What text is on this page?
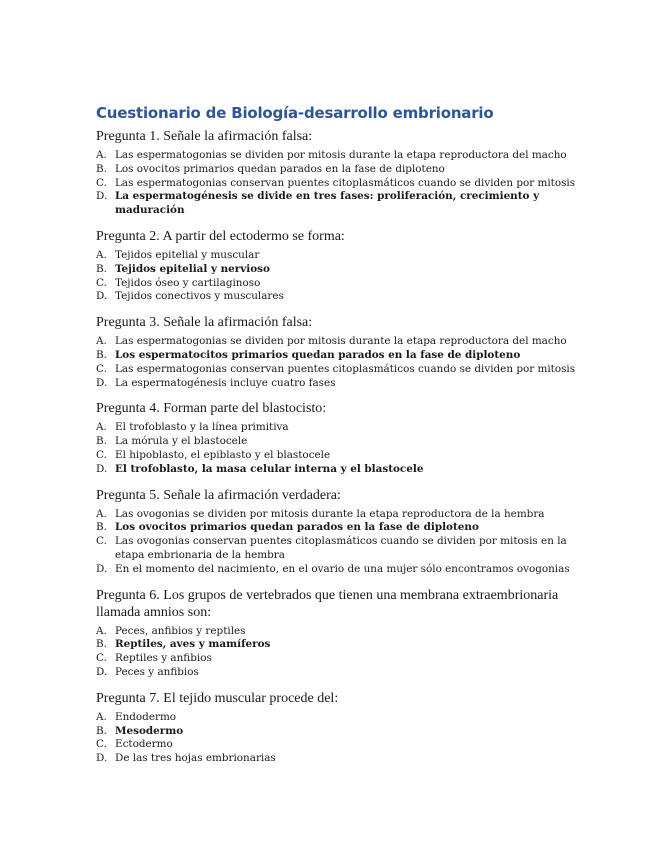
Cuestionario de Biología-desarrollo embrionario
Pregunta 1. Señale la afirmación falsa:
A. Las espermatogonias se dividen por mitosis durante la etapa reproductora del macho
B. Los ovocitos primarios quedan parados en la fase de diploteno
C. Las espermatogonias conservan puentes citoplasmáticos cuando se dividen por mitosis
D. La espermatogénesis se divide en tres fases: proliferación, crecimiento y maduración
Pregunta 2. A partir del ectodermo se forma:
A. Tejidos epitelial y muscular
B. Tejidos epitelial y nervioso
C. Tejidos óseo y cartilaginoso
D. Tejidos conectivos y musculares
Pregunta 3. Señale la afirmación falsa:
A. Las espermatogonias se dividen por mitosis durante la etapa reproductora del macho
B. Los espermatocitos primarios quedan parados en la fase de diploteno
C. Las espermatogonias conservan puentes citoplasmáticos cuando se dividen por mitosis
D. La espermatogénesis incluye cuatro fases
Pregunta 4. Forman parte del blastocisto:
A. El trofoblasto y la línea primitiva
B. La mórula y el blastocele
C. El hipoblasto, el epiblasto y el blastocele
D. El trofoblasto, la masa celular interna y el blastocele
Pregunta 5. Señale la afirmación verdadera:
A. Las ovogonias se dividen por mitosis durante la etapa reproductora de la hembra
B. Los ovocitos primarios quedan parados en la fase de diploteno
C. Las ovogonias conservan puentes citoplasmáticos cuando se dividen por mitosis en la etapa embrionaria de la hembra
D. En el momento del nacimiento, en el ovario de una mujer sólo encontramos ovogonias
Pregunta 6. Los grupos de vertebrados que tienen una membrana extraembrionaria llamada amnios son:
A. Peces, anfibios y reptiles
B. Reptiles, aves y mamíferos
C. Reptiles y anfibios
D. Peces y anfibios
Pregunta 7. El tejido muscular procede del:
A. Endodermo
B. Mesodermo
C. Ectodermo
D. De las tres hojas embrionarias
